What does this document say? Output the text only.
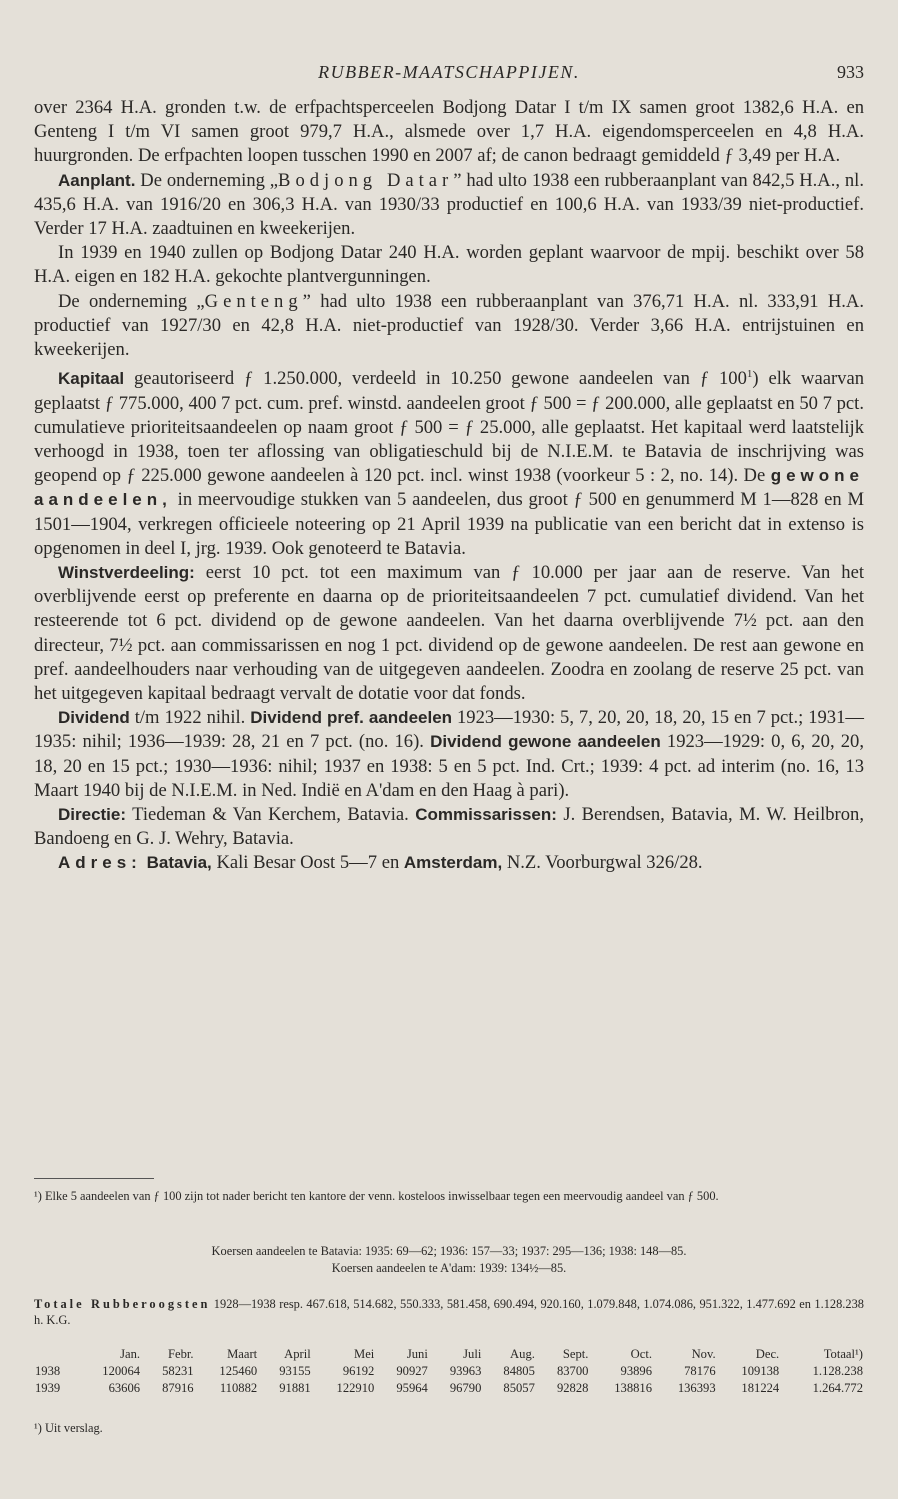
RUBBER-MAATSCHAPPIJEN.	933

over 2364 H.A. gronden t.w. de erfpachtsperceelen Bodjong Datar I t/m IX samen groot 1382,6 H.A. en Genteng I t/m VI samen groot 979,7 H.A., alsmede over 1,7 H.A. eigendomsperceelen en 4,8 H.A. huurgronden. De erfpachten loopen tusschen 1990 en 2007 af; de canon bedraagt gemiddeld ƒ 3,49 per H.A.

Aanplant. De onderneming „Bodjong Datar” had ulto 1938 een rubberaanplant van 842,5 H.A., nl. 435,6 H.A. van 1916/20 en 306,3 H.A. van 1930/33 productief en 100,6 H.A. van 1933/39 niet-productief. Verder 17 H.A. zaadtuinen en kweekerijen.

In 1939 en 1940 zullen op Bodjong Datar 240 H.A. worden geplant waarvoor de mpij. beschikt over 58 H.A. eigen en 182 H.A. gekochte plantvergunningen.

De onderneming „Genteng” had ulto 1938 een rubberaanplant van 376,71 H.A. nl. 333,91 H.A. productief van 1927/30 en 42,8 H.A. niet-productief van 1928/30. Verder 3,66 H.A. entrijstuinen en kweekerijen.

Kapitaal geautoriseerd ƒ 1.250.000, verdeeld in 10.250 gewone aandeelen van ƒ $100^1$) elk waarvan geplaatst ƒ 775.000, 400 7 pct. cum. pref. winstd. aandeelen groot ƒ 500 = ƒ 200.000, alle geplaatst en 50 7 pct. cumulatieve prioriteitsaandeelen op naam groot ƒ 500 = ƒ 25.000, alle geplaatst. Het kapitaal werd laatstelijk verhoogd in 1938, toen ter aflossing van obligatieschuld bij de N.I.E.M. te Batavia de inschrijving was geopend op ƒ 225.000 gewone aandeelen à 120 pct. incl. winst 1938 (voorkeur 5 : 2, no. 14). De gewone aandeelen, in meervoudige stukken van 5 aandeelen, dus groot ƒ 500 en genummerd M 1—828 en M 1501—1904, verkregen officieele noteering op 21 April 1939 na publicatie van een bericht dat in extenso is opgenomen in deel I, jrg. 1939. Ook genoteerd te Batavia.

Winstverdeeling: eerst 10 pct. tot een maximum van ƒ 10.000 per jaar aan de reserve. Van het overblijvende eerst op preferente en daarna op de prioriteitsaandeelen 7 pct. cumulatief dividend. Van het resteerende tot 6 pct. dividend op de gewone aandeelen. Van het daarna overblijvende 7½ pct. aan den directeur, 7½ pct. aan commissarissen en nog 1 pct. dividend op de gewone aandeelen. De rest aan gewone en pref. aandeelhouders naar verhouding van de uitgegeven aandeelen. Zoodra en zoolang de reserve 25 pct. van het uitgegeven kapitaal bedraagt vervalt de dotatie voor dat fonds.

Dividend t/m 1922 nihil. Dividend pref. aandeelen 1923—1930: 5, 7, 20, 20, 18, 20, 15 en 7 pct.; 1931—1935: nihil; 1936—1939: 28, 21 en 7 pct. (no. 16). Dividend gewone aandeelen 1923—1929: 0, 6, 20, 20, 18, 20 en 15 pct.; 1930—1936: nihil; 1937 en 1938: 5 en 5 pct. Ind. Crt.; 1939: 4 pct. ad interim (no. 16, 13 Maart 1940 bij de N.I.E.M. in Ned. Indië en A'dam en den Haag à pari).

Directie: Tiedeman & Van Kerchem, Batavia. Commissarissen: J. Berendsen, Batavia, M. W. Heilbron, Bandoeng en G. J. Wehry, Batavia.

Adres: Batavia, Kali Besar Oost 5—7 en Amsterdam, N.Z. Voorburgwal 326/28.

¹) Elke 5 aandeelen van ƒ 100 zijn tot nader bericht ten kantore der venn. kosteloos inwisselbaar tegen een meervoudig aandeel van ƒ 500.
Koersen aandeelen te Batavia: 1935: 69—62; 1936: 157—33; 1937: 295—136; 1938: 148—85.
Koersen aandeelen te A'dam: 1939: 134½—85.
Totale Rubberoogsten 1928—1938 resp. 467.618, 514.682, 550.333, 581.458, 690.494, 920.160, 1.079.848, 1.074.086, 951.322, 1.477.692 en 1.128.238 h. K.G.
	Jan.	Febr.	Maart	April	Mei	Juni	Juli	Aug.	Sept.	Oct.	Nov.	Dec.	Totaal¹)
1938	120064	58231	125460	93155	96192	90927	93963	84805	83700	93896	78176	109138	1.128.238
1939	63606	87916	110882	91881	122910	95964	96790	85057	92828	138816	136393	181224	1.264.772
¹) Uit verslag.
